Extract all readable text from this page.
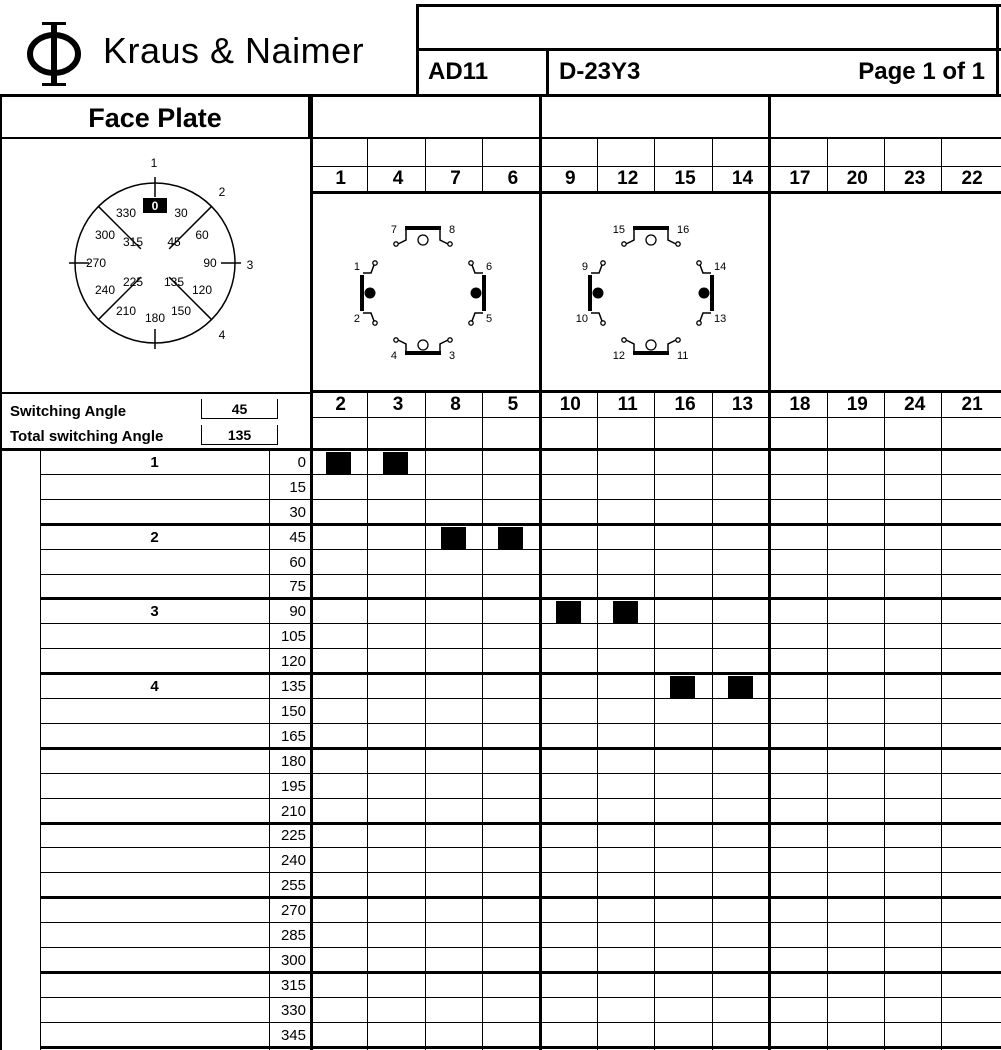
Kraus & Naimer
AD11	D-23Y3	Page 1 of 1
Face Plate
0
1
2
3
4
330	30
300 315 45 60
270	90
240
225 135
120
210 180 150
Switching Angle	45
Total switching Angle	135
1	4	7	6	9	12	15	14	17	20	23	22
2	3	8	5	10	11	16	13	18	19	24	21
7	8
1
2
6
5
4	3
15	16
9
10
14
13
12	11
1	0
15
30
2	45
60
75
3	90
105
120
4	135
150
165
180
195
210
225
240
255
270
285
300
315
330
345
